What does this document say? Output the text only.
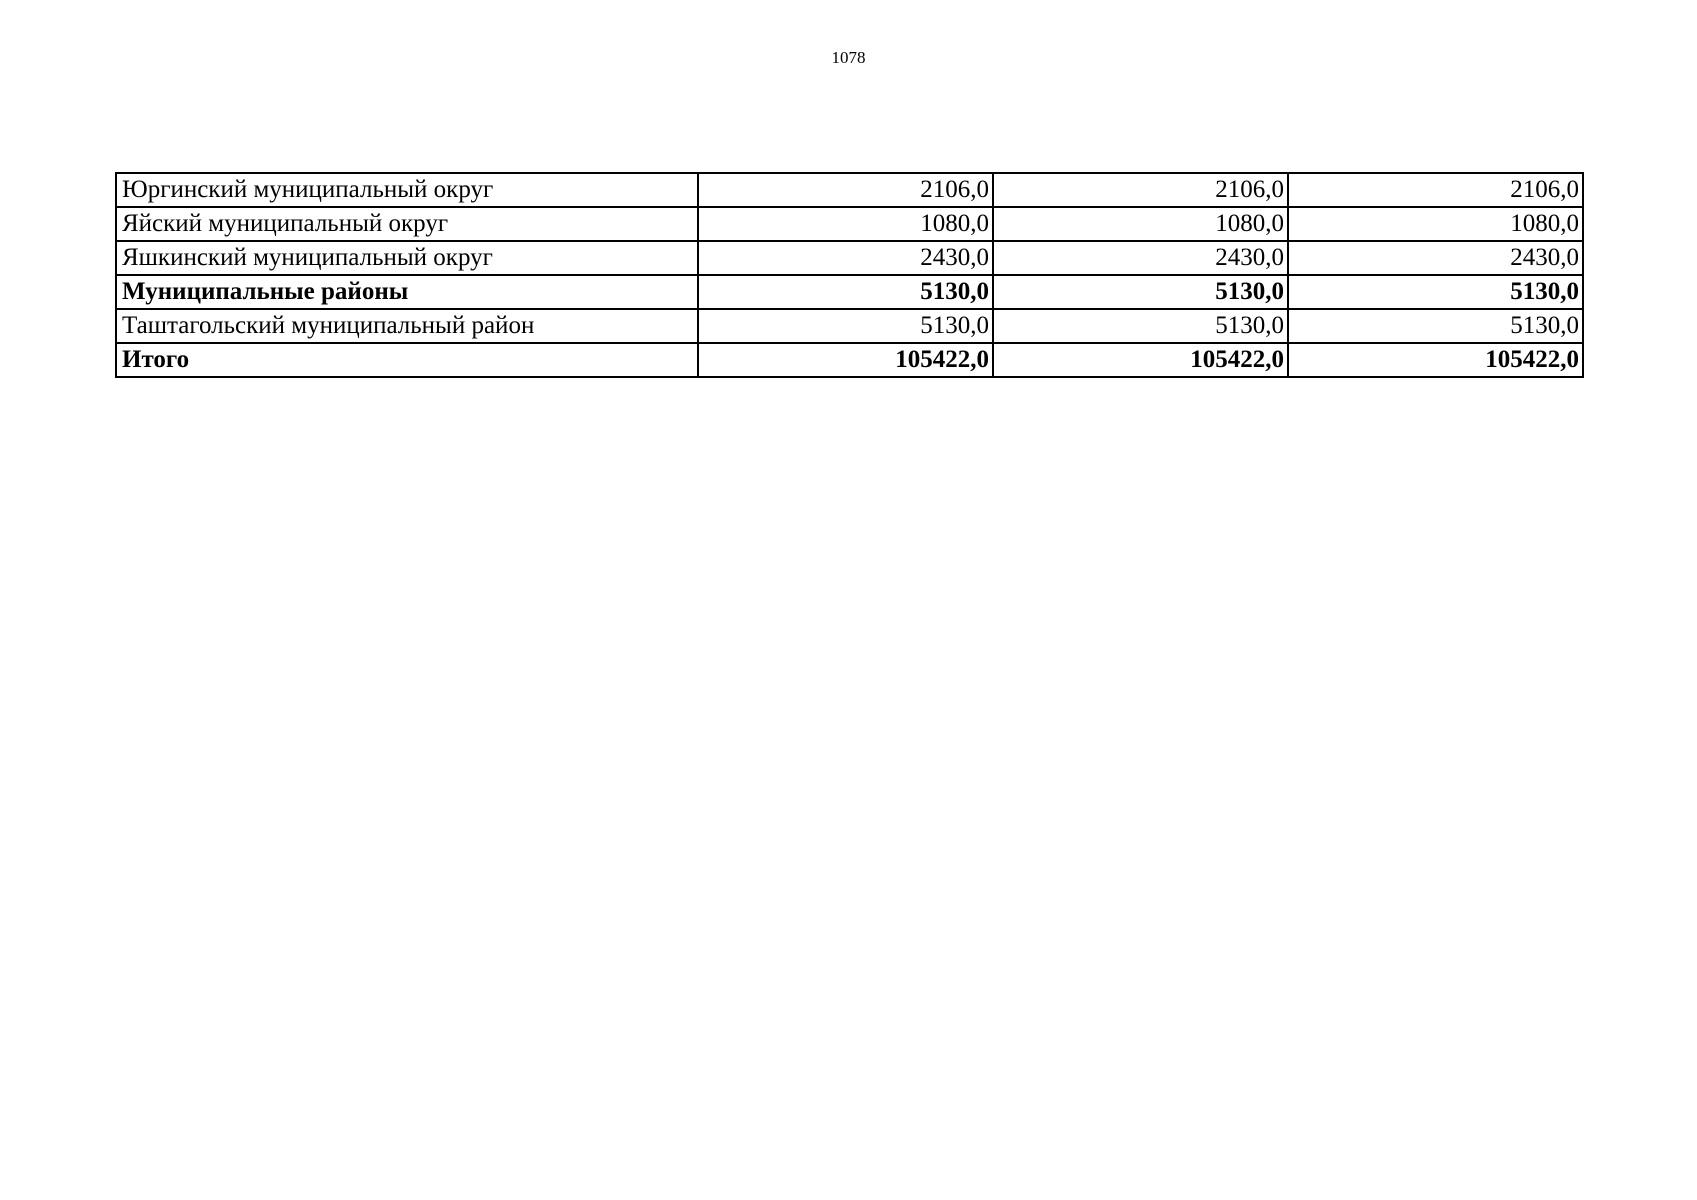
1078
Юргинский муниципальный округ	2106,0	2106,0	2106,0
Яйский муниципальный округ	1080,0	1080,0	1080,0
Яшкинский муниципальный округ	2430,0	2430,0	2430,0
Муниципальные районы	5130,0	5130,0	5130,0
Таштагольский муниципальный район	5130,0	5130,0	5130,0
Итого	105422,0	105422,0	105422,0
